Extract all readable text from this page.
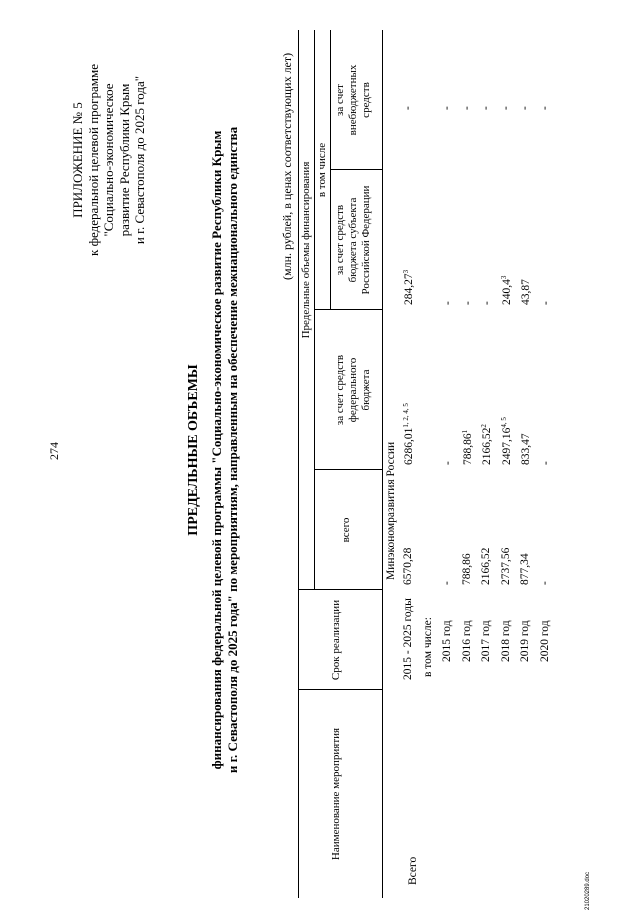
274
ПРИЛОЖЕНИЕ № 5 к федеральной целевой программе "Социально-экономическое развитие Республики Крым и г. Севастополя до 2025 года"
ПРЕДЕЛЬНЫЕ ОБЪЕМЫ финансирования федеральной целевой программы "Социально-экономическое развитие Республики Крым и г. Севастополя до 2025 года" по мероприятиям, направленным на обеспечение межнационального единства	(млн. рублей, в ценах соответствующих лет)
Наименование мероприятия
Срок реализации
всего
Предельные объемы финансирования в том числе
за счет средств федерального бюджета
за счет средств бюджета субъекта Российской Федерации
за счет внебюджетных средств
Минэкономразвития России
Всего
2015 - 2025 годы
6570,28
6286,01$^{1, 2, 4, 5}$
284,27$^3$
-
в том числе: 2015 год
-
-
-
-
2016 год
788,86
788,86$^1$
-
-
2017 год
2166,52
2166,52$^2$
-
-
2018 год
2737,56
2497,16$^{4, 5}$
240,4$^3$
-
2019 год
877,34
833,47
43,87
-
2020 год
-
-
-
-
21020289.doc
